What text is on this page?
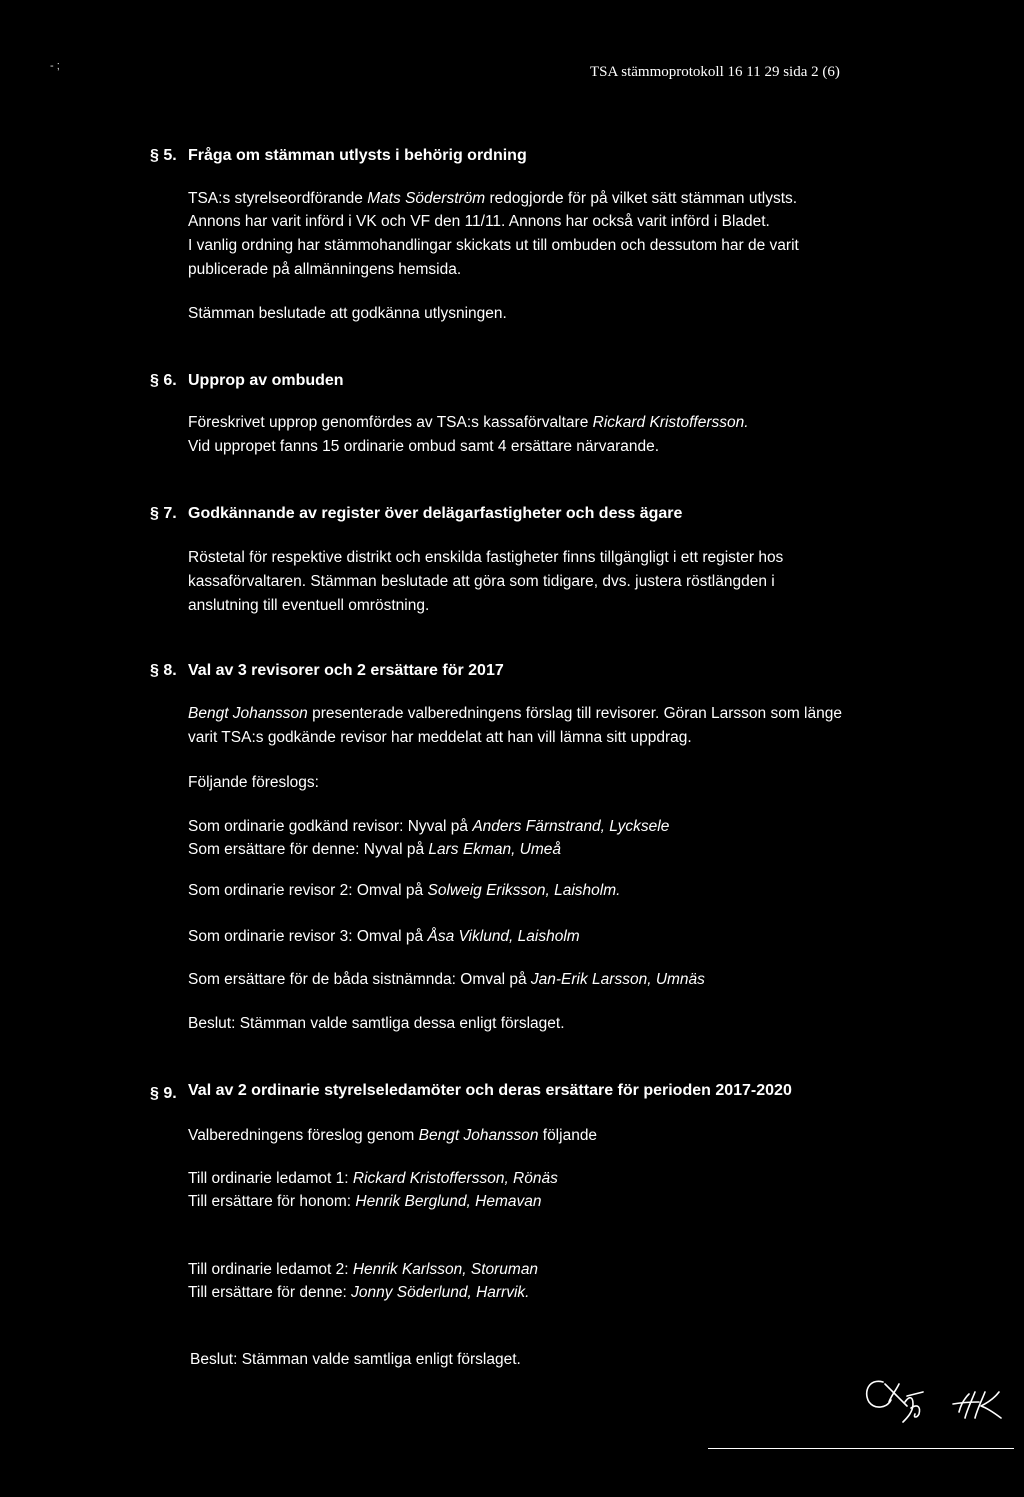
- ;	TSA stämmoprotokoll 16 11 29 sida 2 (6)
§ 5. Fråga om stämman utlysts i behörig ordning
TSA:s styrelseordförande Mats Söderström redogjorde för på vilket sätt stämman utlysts.
Annons har varit införd i VK och VF den 11/11. Annons har också varit införd i Bladet.
I vanlig ordning har stämmohandlingar skickats ut till ombuden och dessutom har de varit
publicerade på allmänningens hemsida.
Stämman beslutade att godkänna utlysningen.
§ 6. Upprop av ombuden
Föreskrivet upprop genomfördes av TSA:s kassaförvaltare Rickard Kristoffersson.
Vid uppropet fanns 15 ordinarie ombud samt 4 ersättare närvarande.
§ 7. Godkännande av register över delägarfastigheter och dess ägare
Röstetal för respektive distrikt och enskilda fastigheter finns tillgängligt i ett register hos
kassaförvaltaren. Stämman beslutade att göra som tidigare, dvs. justera röstlängden i
anslutning till eventuell omröstning.
§ 8. Val av 3 revisorer och 2 ersättare för 2017
Bengt Johansson presenterade valberedningens förslag till revisorer. Göran Larsson som länge
varit TSA:s godkände revisor har meddelat att han vill lämna sitt uppdrag.
Följande föreslogs:
Som ordinarie godkänd revisor: Nyval på Anders Färnstrand, Lycksele
Som ersättare för denne: Nyval på Lars Ekman, Umeå
Som ordinarie revisor 2: Omval på Solweig Eriksson, Laisholm.
Som ordinarie revisor 3: Omval på Åsa Viklund, Laisholm
Som ersättare för de båda sistnämnda: Omval på Jan-Erik Larsson, Umnäs
Beslut: Stämman valde samtliga dessa enligt förslaget.
§ 9. Val av 2 ordinarie styrelseledamöter och deras ersättare för perioden 2017-2020
Valberedningens föreslog genom Bengt Johansson följande
Till ordinarie ledamot 1: Rickard Kristoffersson, Rönäs
Till ersättare för honom: Henrik Berglund, Hemavan
Till ordinarie ledamot 2: Henrik Karlsson, Storuman
Till ersättare för denne: Jonny Söderlund, Harrvik.
Beslut: Stämman valde samtliga enligt förslaget.
